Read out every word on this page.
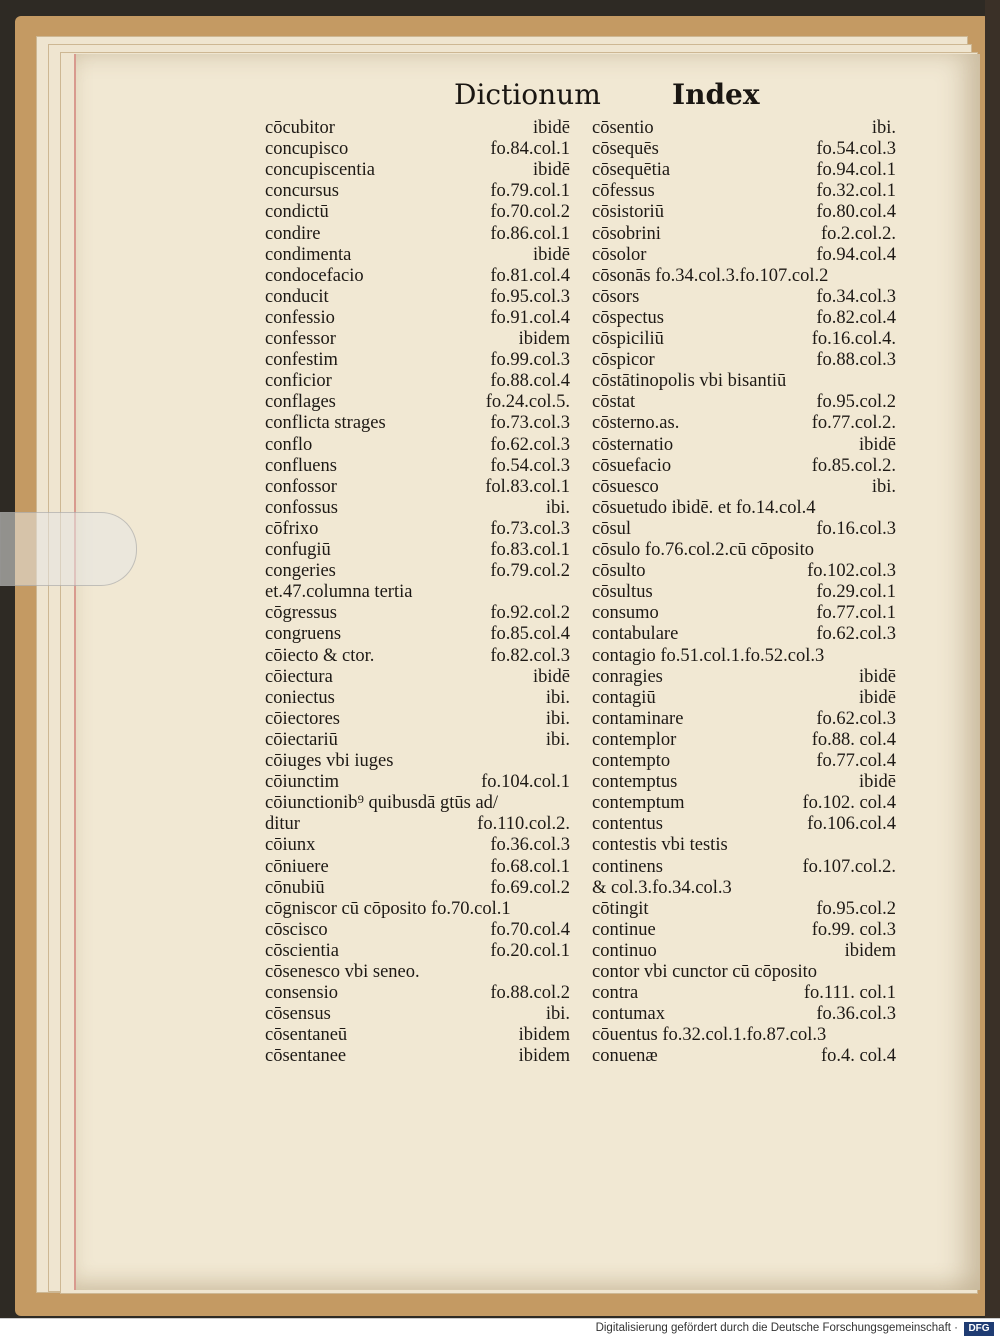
Dictionum	Index
cōcubitor	ibidē
concupisco	fo.84.col.1
concupiscentia	ibidē
concursus	fo.79.col.1
condictū	fo.70.col.2
condire	fo.86.col.1
condimenta	ibidē
condocefacio	fo.81.col.4
conducit	fo.95.col.3
confessio	fo.91.col.4
confessor	ibidem
confestim	fo.99.col.3
conficior	fo.88.col.4
conflages	fo.24.col.5.
conflicta strages	fo.73.col.3
conflo	fo.62.col.3
confluens	fo.54.col.3
confossor	fol.83.col.1
confossus	ibi.
cōfrixo	fo.73.col.3
confugiū	fo.83.col.1
congeries	fo.79.col.2
et.47.columna tertia
cōgressus	fo.92.col.2
congruens	fo.85.col.4
cōiecto & ctor.	fo.82.col.3
cōiectura	ibidē
coniectus	ibi.
cōiectores	ibi.
cōiectariū	ibi.
cōiuges vbi iuges
cōiunctim	fo.104.col.1
cōiunctionib⁹ quibusdā gtūs ad/
ditur	fo.110.col.2.
cōiunx	fo.36.col.3
cōniuere	fo.68.col.1
cōnubiū	fo.69.col.2
cōgniscor cū cōposito fo.70.col.1
cōscisco	fo.70.col.4
cōscientia	fo.20.col.1
cōsenesco vbi seneo.
consensio	fo.88.col.2
cōsensus	ibi.
cōsentaneū	ibidem
cōsentanee	ibidem
cōsentio	ibi.
cōsequēs	fo.54.col.3
cōsequētia	fo.94.col.1
cōfessus	fo.32.col.1
cōsistoriū	fo.80.col.4
cōsobrini	fo.2.col.2.
cōsolor	fo.94.col.4
cōsonās fo.34.col.3.fo.107.col.2
cōsors	fo.34.col.3
cōspectus	fo.82.col.4
cōspiciliū	fo.16.col.4.
cōspicor	fo.88.col.3
cōstātinopolis vbi bisantiū
cōstat	fo.95.col.2
cōsterno.as.	fo.77.col.2.
cōsternatio	ibidē
cōsuefacio	fo.85.col.2.
cōsuesco	ibi.
cōsuetudo ibidē. et fo.14.col.4
cōsul	fo.16.col.3
cōsulo fo.76.col.2.cū cōposito
cōsulto	fo.102.col.3
cōsultus	fo.29.col.1
consumo	fo.77.col.1
contabulare	fo.62.col.3
contagio fo.51.col.1.fo.52.col.3
conragies	ibidē
contagiū	ibidē
contaminare	fo.62.col.3
contemplor	fo.88. col.4
contempto	fo.77.col.4
contemptus	ibidē
contemptum	fo.102. col.4
contentus	fo.106.col.4
contestis vbi testis
continens	fo.107.col.2.
& col.3.fo.34.col.3
cōtingit	fo.95.col.2
continue	fo.99. col.3
continuo	ibidem
contor vbi cunctor cū cōposito
contra	fo.111. col.1
contumax	fo.36.col.3
cōuentus fo.32.col.1.fo.87.col.3
conuenæ	fo.4. col.4
Digitalisierung gefördert durch die Deutsche Forschungsgemeinschaft ·	DFG
